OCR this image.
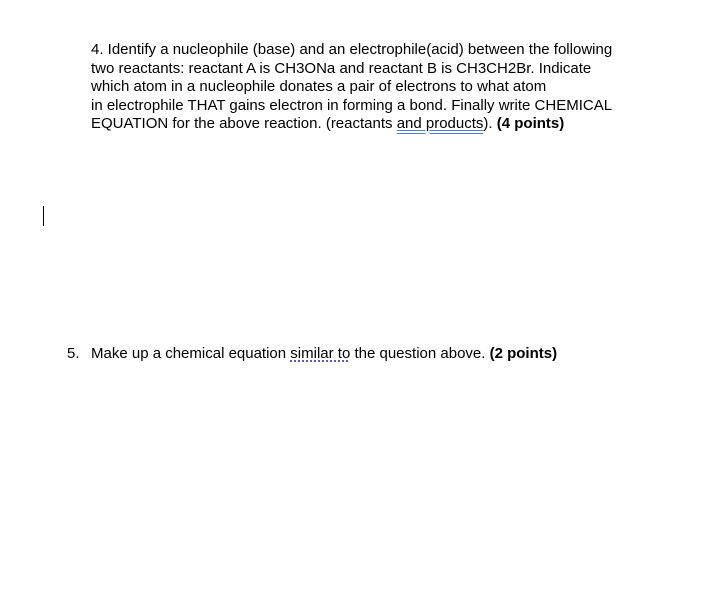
4. Identify a nucleophile (base) and an electrophile(acid) between the following
two reactants: reactant A is CH3ONa and reactant B is CH3CH2Br. Indicate
which atom in a nucleophile donates a pair of electrons to what atom
in electrophile THAT gains electron in forming a bond. Finally write CHEMICAL
EQUATION for the above reaction. (reactants and products). (4 points)
5. Make up a chemical equation similar to the question above. (2 points)
